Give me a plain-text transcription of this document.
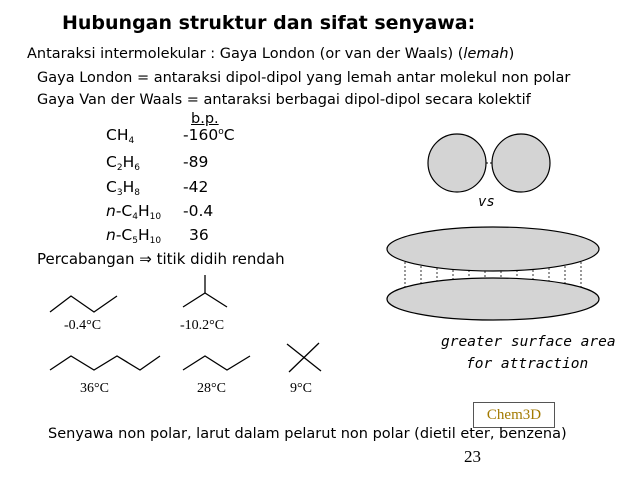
Hubungan struktur dan sifat senyawa:
Antaraksi intermolekular : Gaya London (or van der Waals) (lemah)
Gaya London = antaraksi dipol-dipol yang lemah antar molekul non polar
Gaya Van der Waals = antaraksi berbagai dipol-dipol secara kolektif
b.p.
$CH_4$	-160$^o$C
$C_2H_6$	-89
$C_3H_8$	-42
$n-C_4H_{10}$ -0.4
$n-C_5H_{10}$ 36
Percabangan ⇒ titik didih rendah
-0.4°C	-10.2°C
36°C	28°C	9°C
vs
greater surface area
for attraction
Chem3D
Senyawa non polar, larut dalam pelarut non polar (dietil eter, benzena)
23
